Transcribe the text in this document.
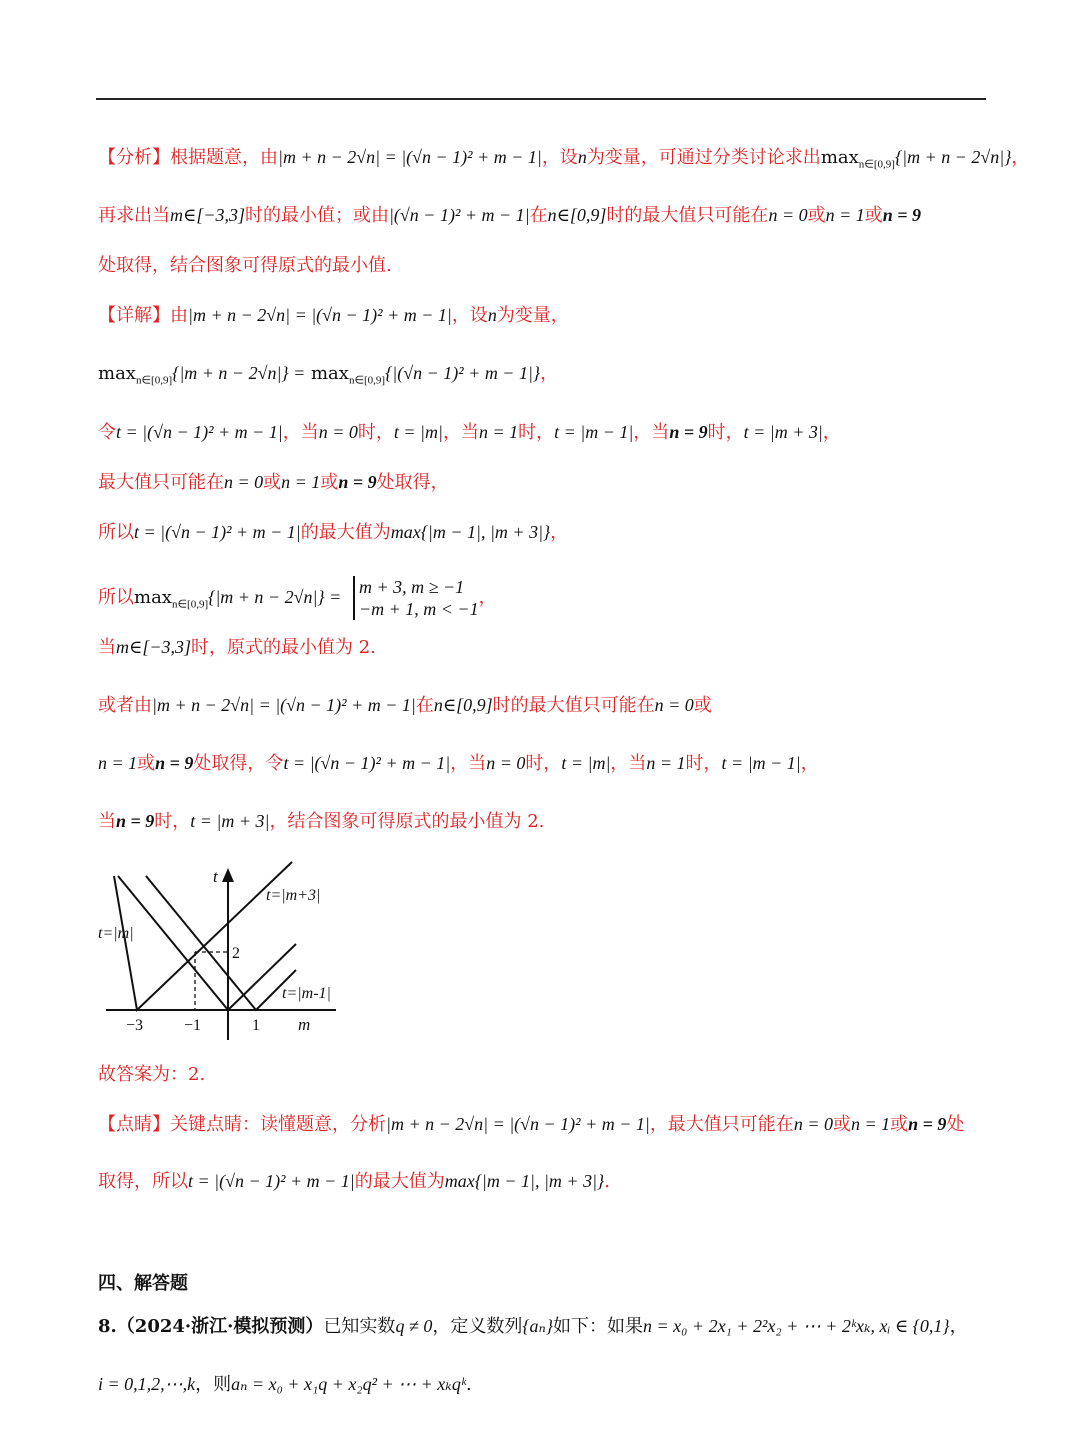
【分析】根据题意，由|m + n − 2√n| = |(√n − 1)² + m − 1|，设n为变量，可通过分类讨论求出$\max_{n\in[0,9]}\{|m + n - 2√n|\}$，
再求出当m∈[−3,3]时的最小值；或由|(√n − 1)² + m − 1|在n∈[0,9]时的最大值只可能在n = 0或n = 1或n = 9
处取得，结合图象可得原式的最小值.
【详解】由|m + n − 2√n| = |(√n − 1)² + m − 1|，设n为变量，
$\max_{n\in[0,9]}\{|m + n - 2√n|\} = \max_{n\in[0,9]}\{|(√n - 1)^2 + m - 1|\}$，
令t = |(√n − 1)² + m − 1|，当n = 0时，t = |m|，当n = 1时，t = |m − 1|，当n = 9时，t = |m + 3|，
最大值只可能在n = 0或n = 1或n = 9处取得，
所以t = |(√n − 1)² + m − 1|的最大值为max{|m − 1|, |m + 3|}，
所以$\max_{n\in[0,9]}\{|m + n - 2√n|\} = m + 3$, m ≥ −1
−m + 1, m < −1
，
当m∈[−3,3]时，原式的最小值为 2.
或者由|m + n − 2√n| = |(√n − 1)² + m − 1|在n∈[0,9]时的最大值只可能在n = 0或
n = 1或n = 9处取得，令t = |(√n − 1)² + m − 1|，当n = 0时，t = |m|，当n = 1时，t = |m − 1|，
当n = 9时，t = |m + 3|，结合图象可得原式的最小值为 2.
t
m
t=|m+3|
t=|m|
t=|m-1|
2
−3	−1	1
故答案为：2.
【点睛】关键点睛：读懂题意，分析|m + n − 2√n| = |(√n − 1)² + m − 1|，最大值只可能在n = 0或n = 1或n = 9处
取得，所以t = |(√n − 1)² + m − 1|的最大值为max{|m − 1|, |m + 3|}.
四、解答题
8.（2024·浙江·模拟预测）已知实数q ≠ 0，定义数列{aₙ}如下：如果n = x₀ + 2x₁ + 2²x₂ + ⋯ + 2ᵏxₖ, xᵢ ∈ {0,1}，
i = 0,1,2,⋯,k，则aₙ = x₀ + x₁q + x₂q² + ⋯ + xₖqᵏ.
